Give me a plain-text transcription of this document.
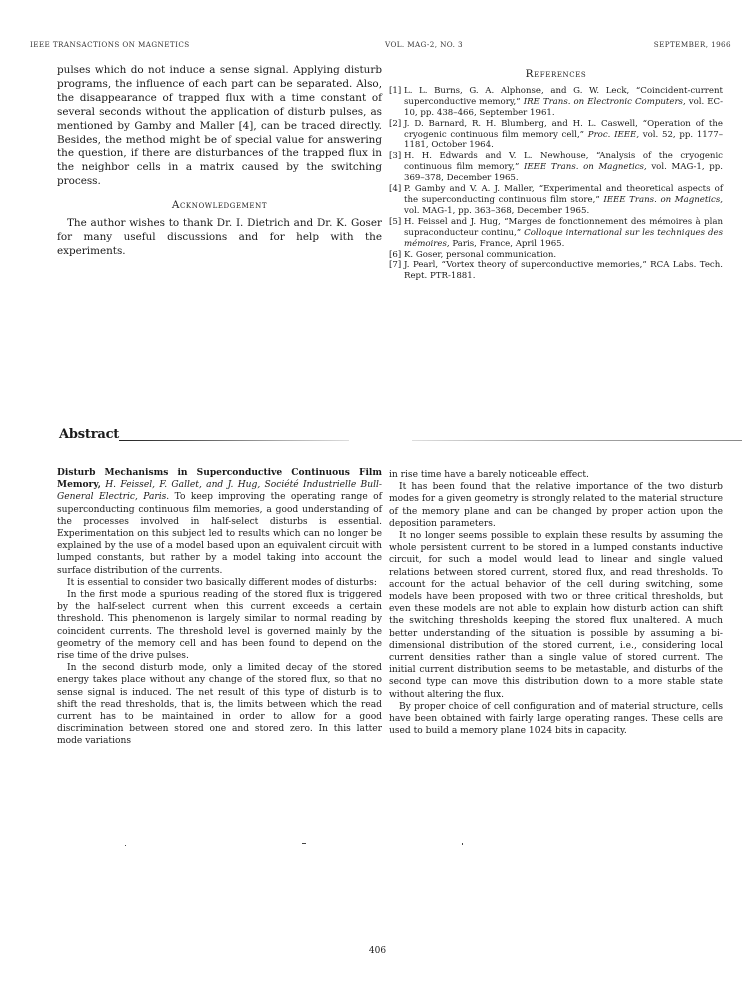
IEEE TRANSACTIONS ON MAGNETICS	VOL. MAG-2, NO. 3	SEPTEMBER, 1966

pulses which do not induce a sense signal. Applying disturb programs, the influence of each part can be separated. Also, the disappearance of trapped flux with a time constant of several seconds without the application of disturb pulses, as mentioned by Gamby and Maller [4], can be traced directly. Besides, the method might be of special value for answering the question, if there are disturbances of the trapped flux in the neighbor cells in a matrix caused by the switching process.

Acknowledgement

The author wishes to thank Dr. I. Dietrich and Dr. K. Goser for many useful discussions and for help with the experiments.

References
[1] L. L. Burns, G. A. Alphonse, and G. W. Leck, “Coincident-current superconductive memory,” IRE Trans. on Electronic Computers, vol. EC-10, pp. 438–466, September 1961.
[2] J. D. Barnard, R. H. Blumberg, and H. L. Caswell, “Operation of the cryogenic continuous film memory cell,” Proc. IEEE, vol. 52, pp. 1177–1181, October 1964.
[3] H. H. Edwards and V. L. Newhouse, “Analysis of the cryogenic continuous film memory,” IEEE Trans. on Magnetics, vol. MAG-1, pp. 369–378, December 1965.
[4] P. Gamby and V. A. J. Maller, “Experimental and theoretical aspects of the superconducting continuous film store,” IEEE Trans. on Magnetics, vol. MAG-1, pp. 363–368, December 1965.
[5] H. Feissel and J. Hug, “Marges de fonctionnement des mémoires à plan supraconducteur continu,” Colloque international sur les techniques des mémoires, Paris, France, April 1965.
[6] K. Goser, personal communication.
[7] J. Pearl, “Vortex theory of superconductive memories,” RCA Labs. Tech. Rept. PTR-1881.
Abstract

Disturb Mechanisms in Superconductive Continuous Film Memory, H. Feissel, F. Gallet, and J. Hug, Société Industrielle Bull-General Electric, Paris. To keep improving the operating range of superconducting continuous film memories, a good understanding of the processes involved in half-select disturbs is essential. Experimentation on this subject led to results which can no longer be explained by the use of a model based upon an equivalent circuit with lumped constants, but rather by a model taking into account the surface distribution of the currents.

It is essential to consider two basically different modes of disturbs:

In the first mode a spurious reading of the stored flux is triggered by the half-select current when this current exceeds a certain threshold. This phenomenon is largely similar to normal reading by coincident currents. The threshold level is governed mainly by the geometry of the memory cell and has been found to depend on the rise time of the drive pulses.

In the second disturb mode, only a limited decay of the stored energy takes place without any change of the stored flux, so that no sense signal is induced. The net result of this type of disturb is to shift the read thresholds, that is, the limits between which the read current has to be maintained in order to allow for a good discrimination between stored one and stored zero. In this latter mode variations

in rise time have a barely noticeable effect.

It has been found that the relative importance of the two disturb modes for a given geometry is strongly related to the material structure of the memory plane and can be changed by proper action upon the deposition parameters.

It no longer seems possible to explain these results by assuming the whole persistent current to be stored in a lumped constants inductive circuit, for such a model would lead to linear and single valued relations between stored current, stored flux, and read thresholds. To account for the actual behavior of the cell during switching, some models have been proposed with two or three critical thresholds, but even these models are not able to explain how disturb action can shift the switching thresholds keeping the stored flux unaltered. A much better understanding of the situation is possible by assuming a bi-dimensional distribution of the stored current, i.e., considering local current densities rather than a single value of stored current. The initial current distribution seems to be metastable, and disturbs of the second type can move this distribution down to a more stable state without altering the flux.

By proper choice of cell configuration and of material structure, cells have been obtained with fairly large operating ranges. These cells are used to build a memory plane 1024 bits in capacity.

406
